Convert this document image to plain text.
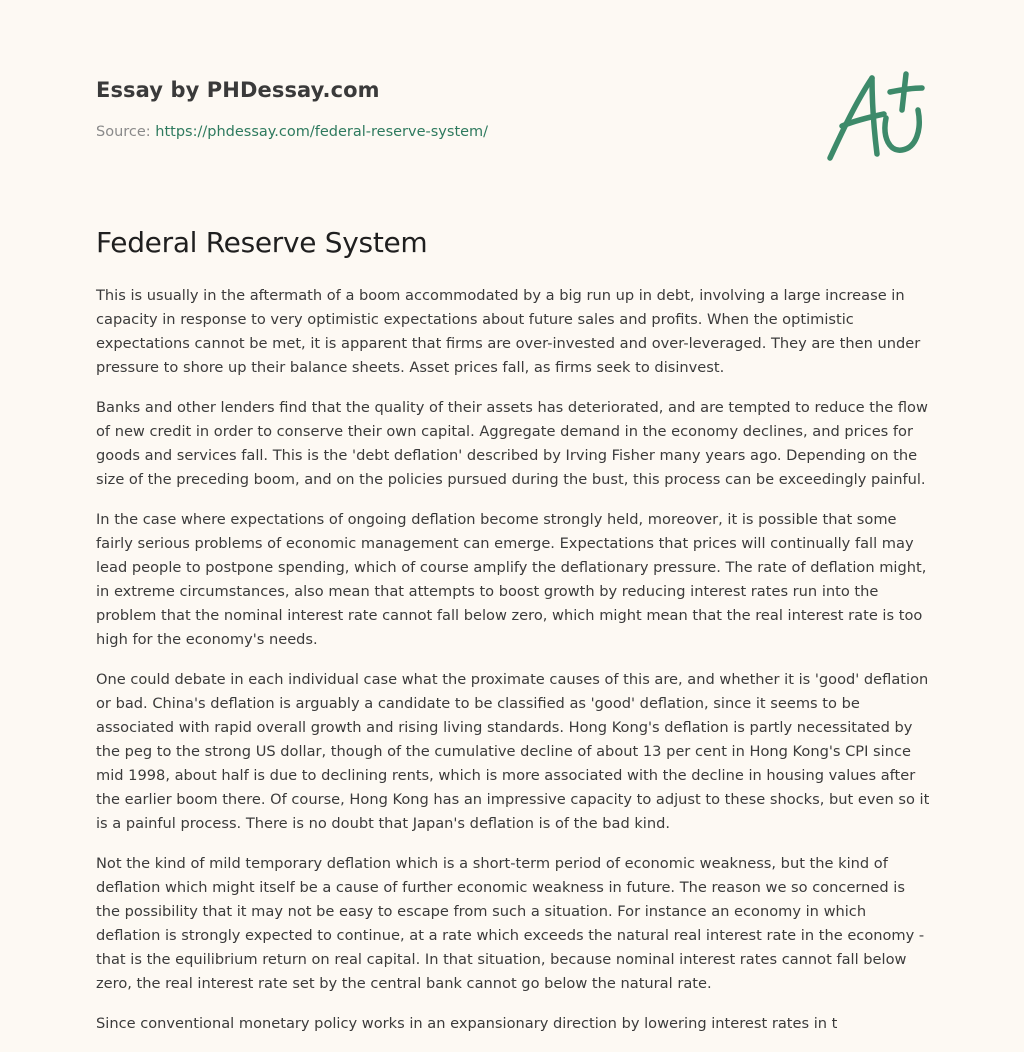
Essay by PHDessay.com
Source: https://phdessay.com/federal-reserve-system/
Federal Reserve System

This is usually in the aftermath of a boom accommodated by a big run up in debt, involving a large increase in capacity in response to very optimistic expectations about future sales and profits. When the optimistic expectations cannot be met, it is apparent that firms are over-invested and over-leveraged. They are then under pressure to shore up their balance sheets. Asset prices fall, as firms seek to disinvest.

Banks and other lenders find that the quality of their assets has deteriorated, and are tempted to reduce the flow of new credit in order to conserve their own capital. Aggregate demand in the economy declines, and prices for goods and services fall. This is the 'debt deflation' described by Irving Fisher many years ago. Depending on the size of the preceding boom, and on the policies pursued during the bust, this process can be exceedingly painful.

In the case where expectations of ongoing deflation become strongly held, moreover, it is possible that some fairly serious problems of economic management can emerge. Expectations that prices will continually fall may lead people to postpone spending, which of course amplify the deflationary pressure. The rate of deflation might, in extreme circumstances, also mean that attempts to boost growth by reducing interest rates run into the problem that the nominal interest rate cannot fall below zero, which might mean that the real interest rate is too high for the economy's needs.

One could debate in each individual case what the proximate causes of this are, and whether it is 'good' deflation or bad. China's deflation is arguably a candidate to be classified as 'good' deflation, since it seems to be associated with rapid overall growth and rising living standards. Hong Kong's deflation is partly necessitated by the peg to the strong US dollar, though of the cumulative decline of about 13 per cent in Hong Kong's CPI since mid 1998, about half is due to declining rents, which is more associated with the decline in housing values after the earlier boom there. Of course, Hong Kong has an impressive capacity to adjust to these shocks, but even so it is a painful process. There is no doubt that Japan's deflation is of the bad kind.

Not the kind of mild temporary deflation which is a short-term period of economic weakness, but the kind of deflation which might itself be a cause of further economic weakness in future. The reason we so concerned is the possibility that it may not be easy to escape from such a situation. For instance an economy in which deflation is strongly expected to continue, at a rate which exceeds the natural real interest rate in the economy - that is the equilibrium return on real capital. In that situation, because nominal interest rates cannot fall below zero, the real interest rate set by the central bank cannot go below the natural rate.

Since conventional monetary policy works in an expansionary direction by lowering interest rates in t
